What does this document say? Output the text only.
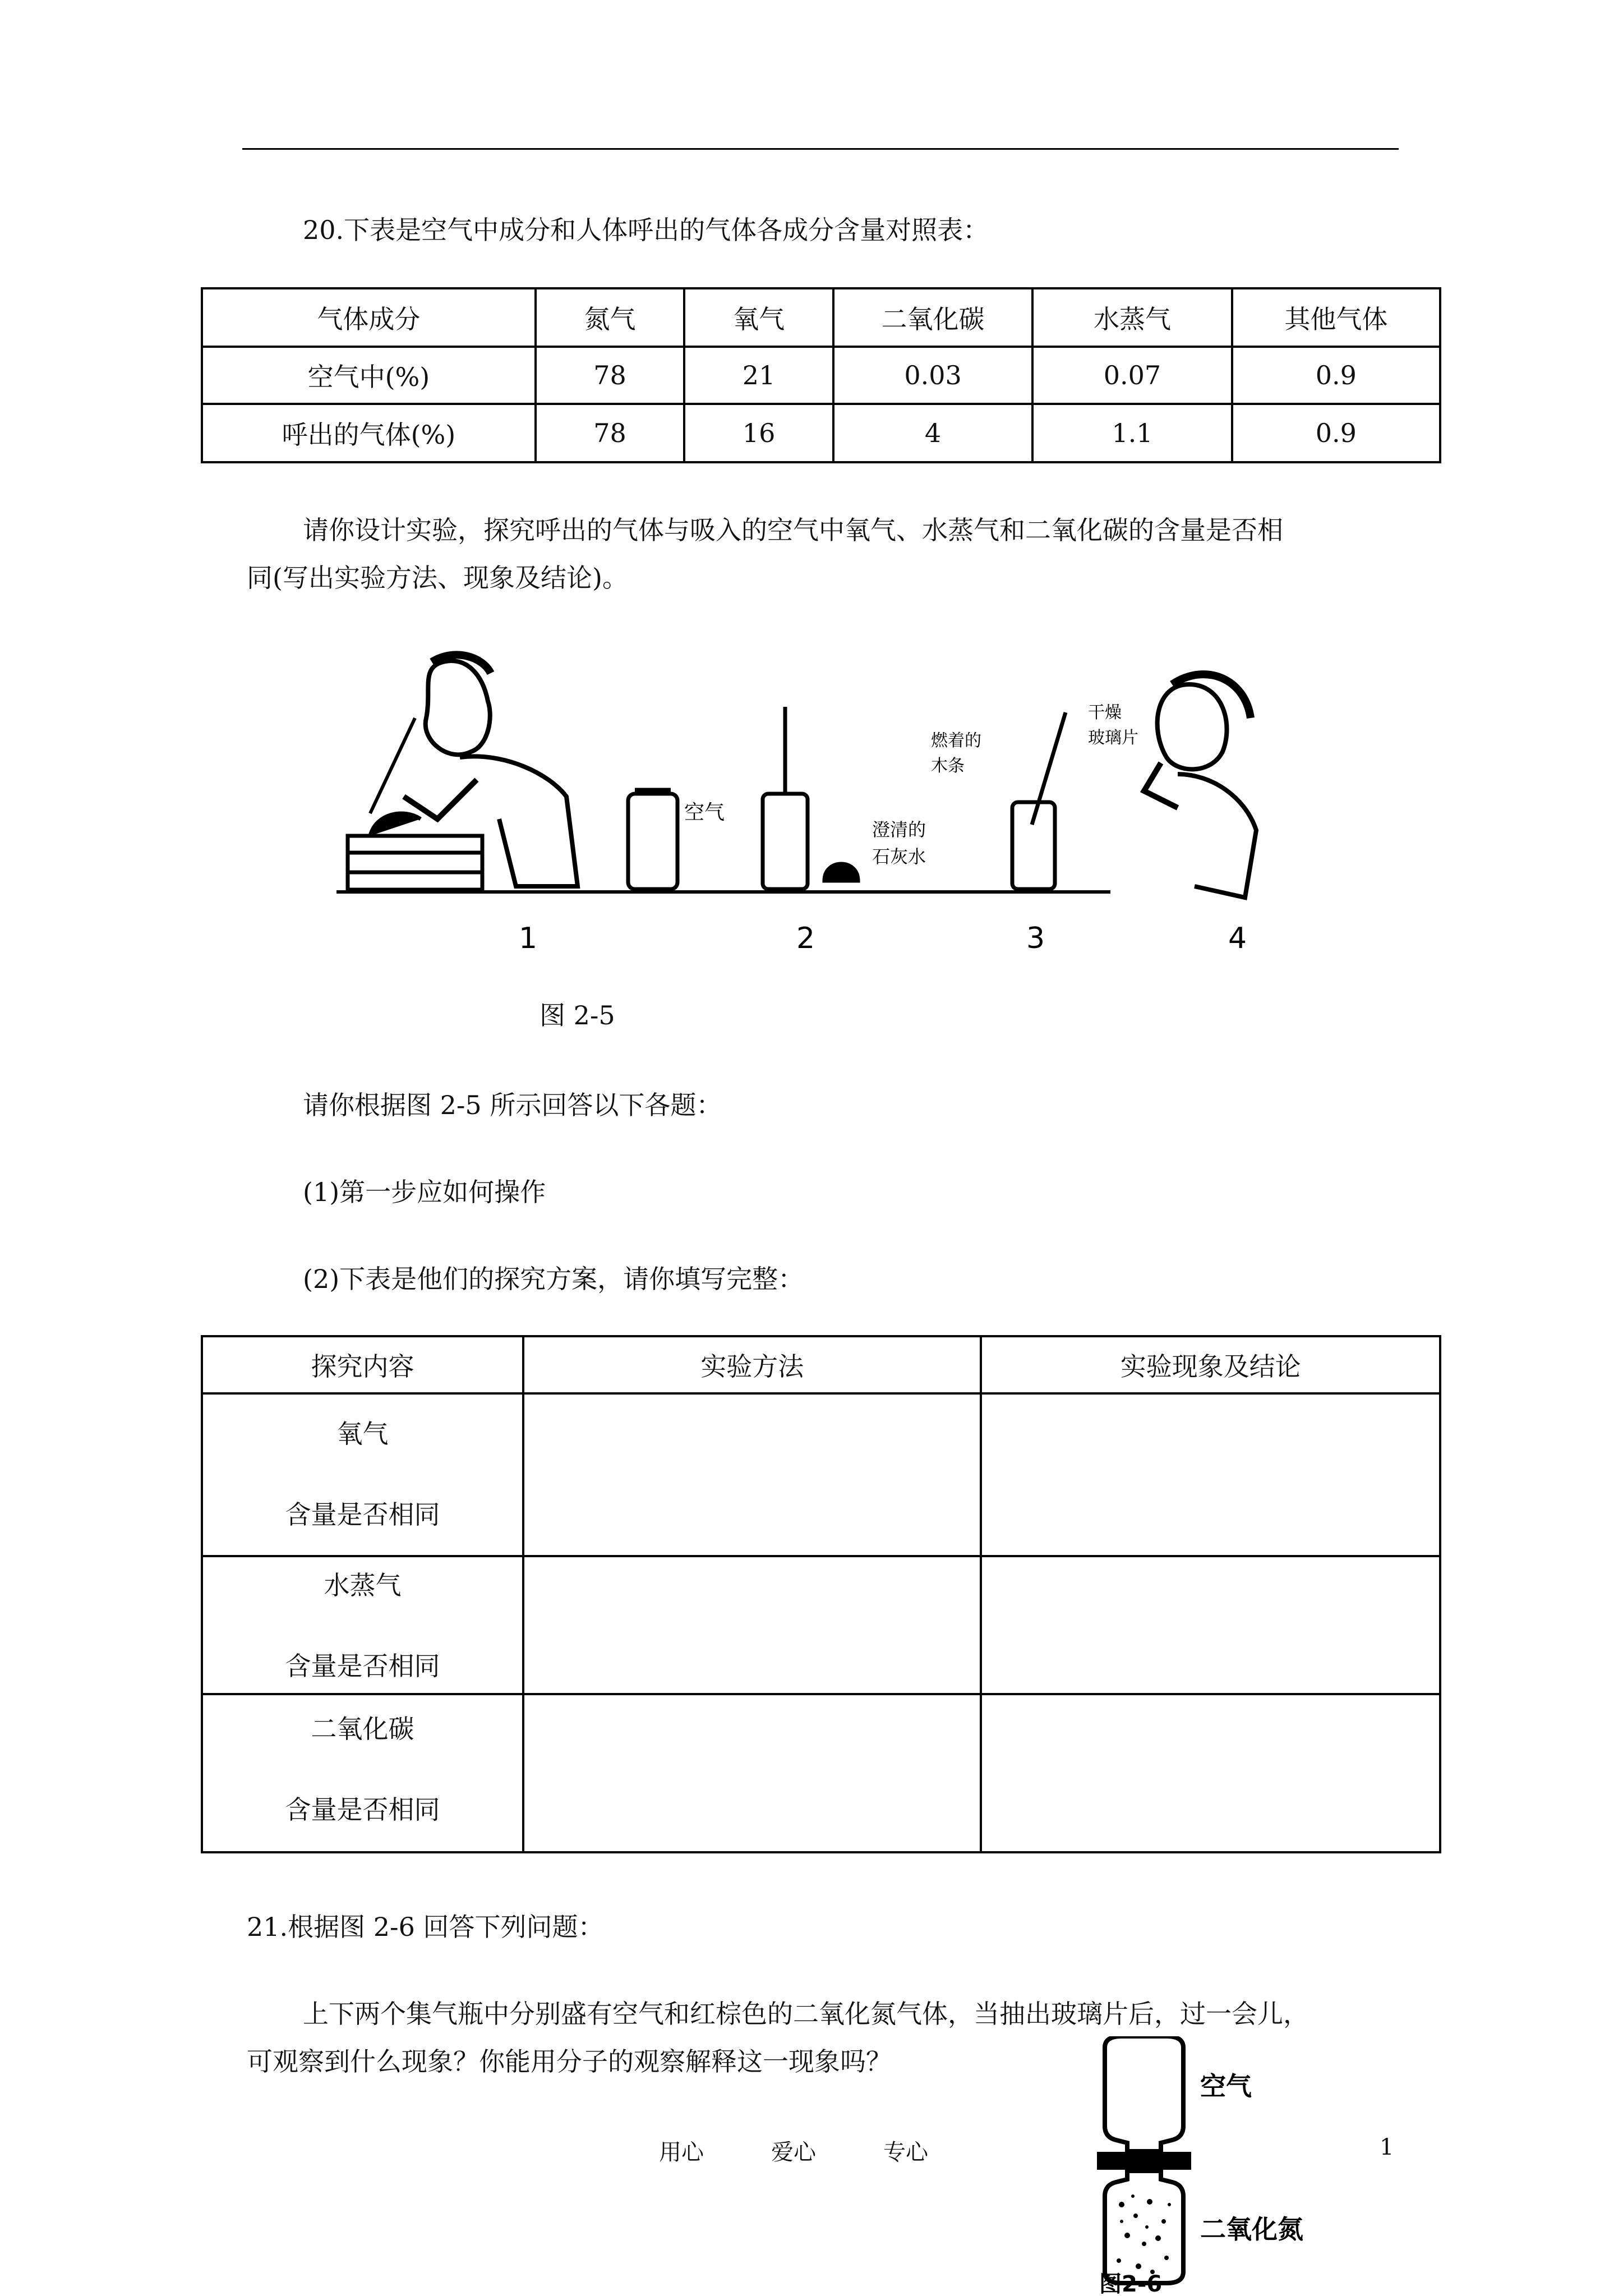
20.下表是空气中成分和人体呼出的气体各成分含量对照表：
气体成分	氮气	氧气	二氧化碳	水蒸气	其他气体
空气中(%)	78	21	0.03	0.07	0.9
呼出的气体(%)	78	16	4	1.1	0.9
请你设计实验，探究呼出的气体与吸入的空气中氧气、水蒸气和二氧化碳的含量是否相
同(写出实验方法、现象及结论)。
空气
澄清的
石灰水
燃着的
木条
干燥
玻璃片
1	2	3	4
图 2-5
请你根据图 2-5 所示回答以下各题：
(1)第一步应如何操作
(2)下表是他们的探究方案，请你填写完整：
探究内容	实验方法	实验现象及结论

氧气
含量是否相同		

水蒸气
含量是否相同		

二氧化碳
含量是否相同		

21.根据图 2-6 回答下列问题：
上下两个集气瓶中分别盛有空气和红棕色的二氧化氮气体，当抽出玻璃片后，过一会儿，
可观察到什么现象？你能用分子的观察解释这一现象吗？
空气
二氧化氮
图2-6
用心	爱心	专心	1
